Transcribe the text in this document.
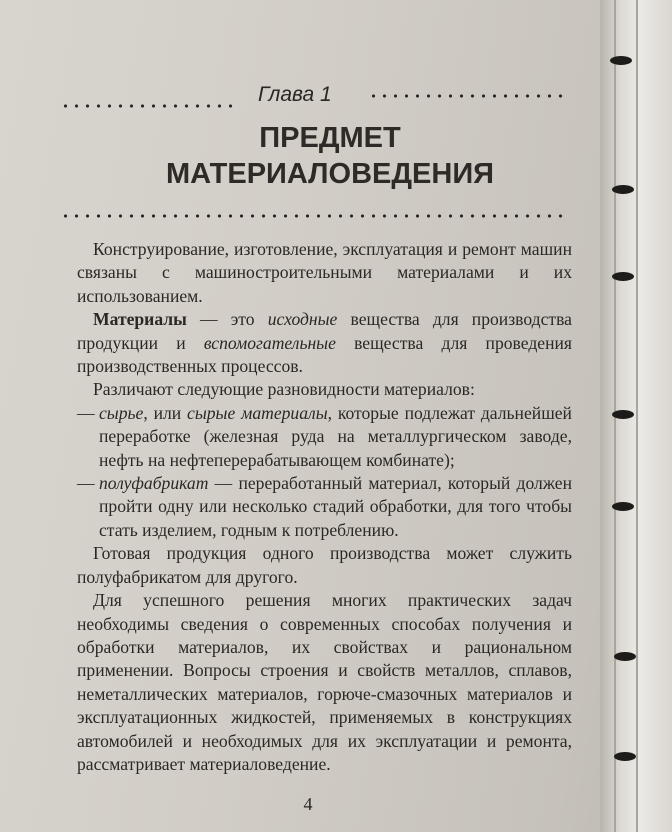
Глава 1
ПРЕДМЕТ
МАТЕРИАЛОВЕДЕНИЯ

Конструирование, изготовление, эксплуатация и ремонт машин связаны с машиностроительными материалами и их использованием.

Материалы — это исходные вещества для производства продукции и вспомогательные вещества для проведения производственных процессов.

Различают следующие разновидности материалов:

— сырье, или сырые материалы, которые подлежат дальнейшей переработке (железная руда на металлургическом заводе, нефть на нефтеперерабатывающем комбинате);

— полуфабрикат — переработанный материал, который должен пройти одну или несколько стадий обработки, для того чтобы стать изделием, годным к потреблению.

Готовая продукция одного производства может служить полуфабрикатом для другого.

Для успешного решения многих практических задач необходимы сведения о современных способах получения и обработки материалов, их свойствах и рациональном применении. Вопросы строения и свойств металлов, сплавов, неметаллических материалов, горюче-смазочных материалов и эксплуатационных жидкостей, применяемых в конструкциях автомобилей и необходимых для их эксплуатации и ремонта, рассматривает материаловедение.

4
